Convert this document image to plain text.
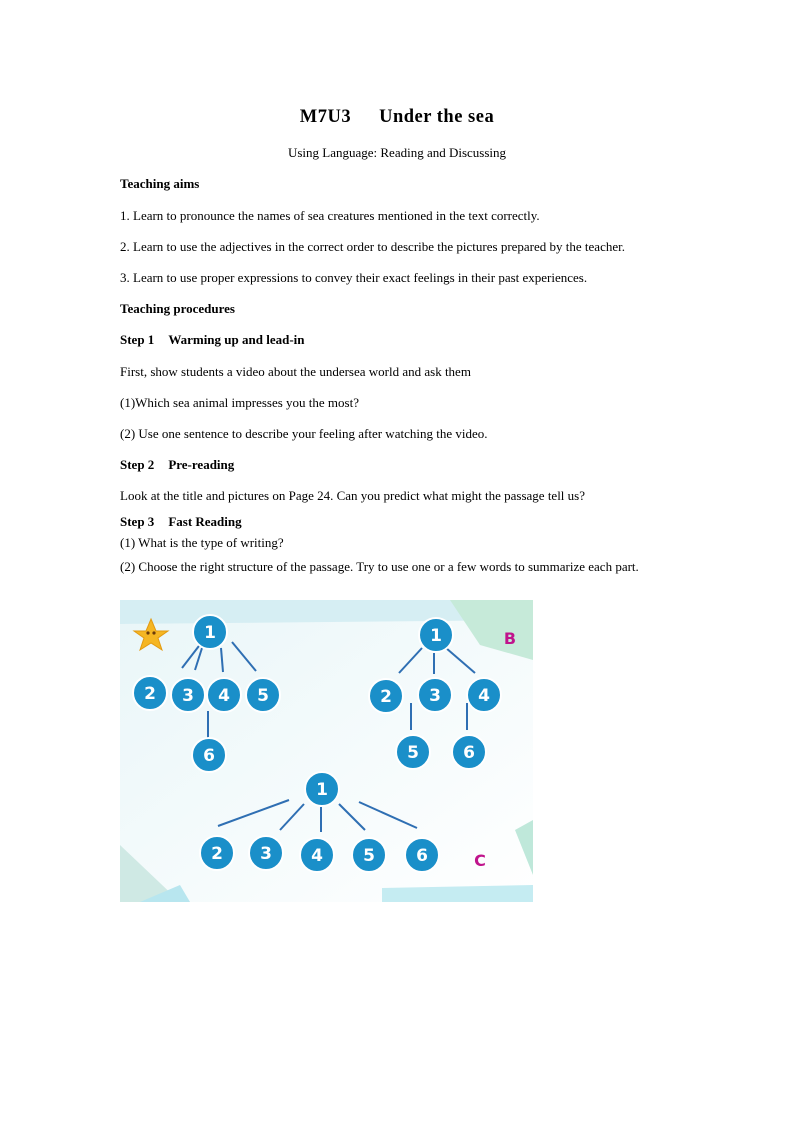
M7U3 Under the sea
Using Language: Reading and Discussing
Teaching aims
1. Learn to pronounce the names of sea creatures mentioned in the text correctly.
2. Learn to use the adjectives in the correct order to describe the pictures prepared by the teacher.
3. Learn to use proper expressions to convey their exact feelings in their past experiences.
Teaching procedures
Step 1 Warming up and lead-in
First, show students a video about the undersea world and ask them
(1)Which sea animal impresses you the most?
(2) Use one sentence to describe your feeling after watching the video.
Step 2 Pre-reading
Look at the title and pictures on Page 24. Can you predict what might the passage tell us?
Step 3 Fast Reading
(1) What is the type of writing?
(2) Choose the right structure of the passage. Try to use one or a few words to summarize each part.
1
2 3 4 5
6
1
2 3 4
5	6
B
1
2 3 4 5 6	C
